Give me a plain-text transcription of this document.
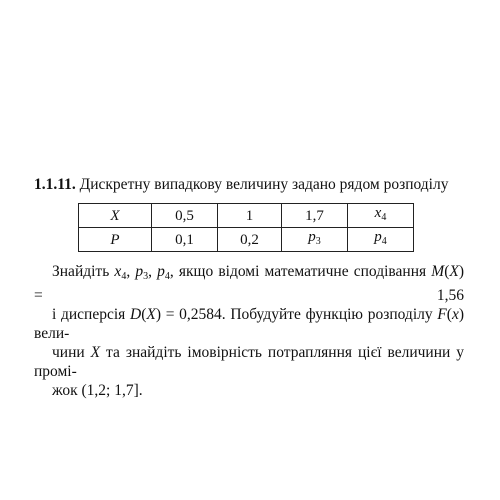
1.1.11. Дискретну випадкову величину задано рядом розподілу

X	0,5	1	1,7	$x_4$
P	0,1	0,2	$p_3$	$p_4$
Знайдіть $x_4$, $p_3$, $p_4$, якщо відомі математичне сподівання M(X) = 1,56
і дисперсія D(X) = 0,2584. Побудуйте функцію розподілу F(x) вели-
чини X та знайдіть імовірність потрапляння цієї величини у промі-
жок (1,2; 1,7].
